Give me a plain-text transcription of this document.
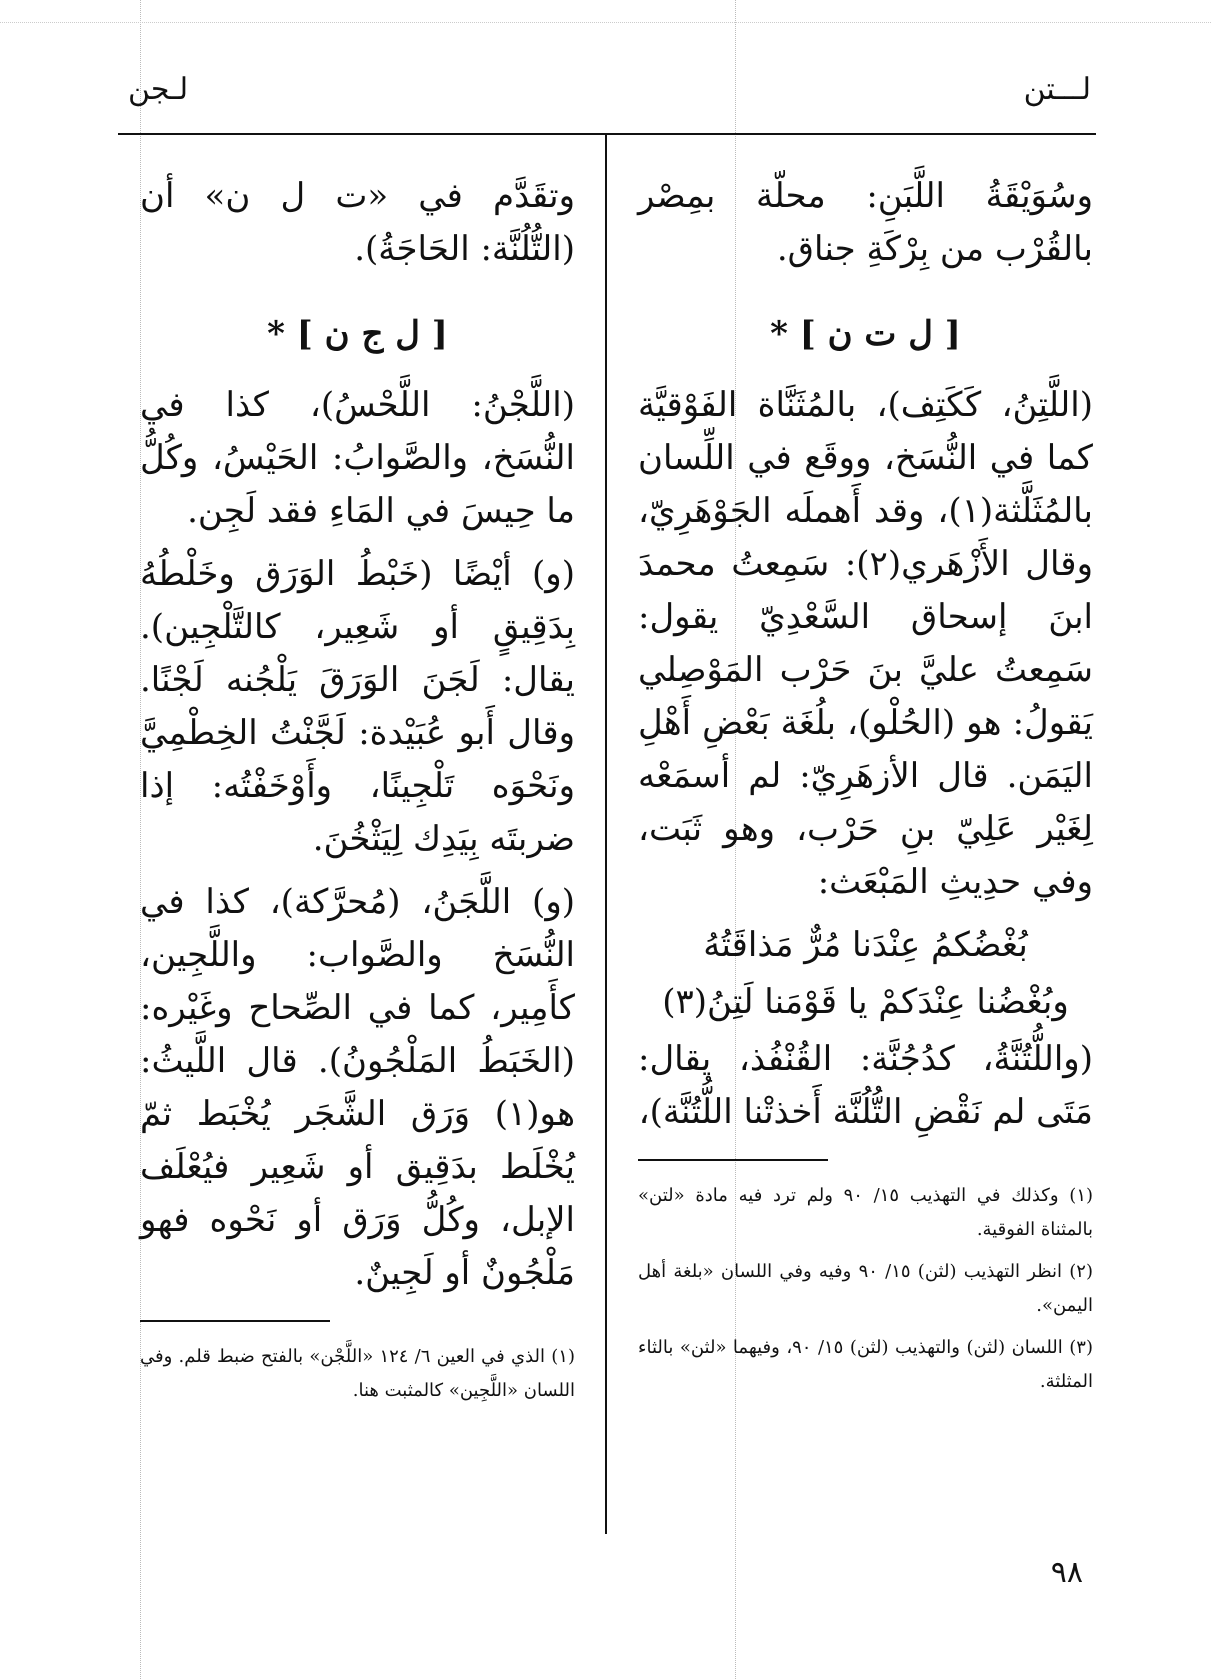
لـــتن
لـجن

وسُوَيْقَةُ اللَّبَنِ: محلّة بمِصْر بالقُرْب من بِرْكَةِ جناق.

[ ل ت ن ] *

(اللَّتِنُ، كَكَتِف)، بالمُثَنَّاة الفَوْقيَّة كما في النُّسَخ، ووقَع في اللِّسان بالمُثَلَّثة(١)، وقد أَهملَه الجَوْهَرِيّ، وقال الأَزْهَري(٢): سَمِعتُ محمدَ ابنَ إسحاق السَّعْدِيّ يقول: سَمِعتُ عليَّ بنَ حَرْب المَوْصِلي يَقولُ: هو (الحُلْو)، بلُغَة بَعْضِ أَهْلِ اليَمَن. قال الأزهَرِيّ: لم أسمَعْه لِغَيْر عَلِيّ بنِ حَرْب، وهو ثَبَت، وفي حدِيثِ المَبْعَث:

بُغْضُكمُ عِنْدَنا مُرٌّ مَذاقَتُهُ
وبُغْضُنا عِنْدَكمْ يا قَوْمَنا لَتِنُ(٣)

(واللُّتُنَّةُ، كدُجُنَّة: القُنْفُذ، يقال: مَتَى لم نَقْضِ التُّلُنَّة أَخذتْنا اللُّتُنَّة)،

(١) وكذلك في التهذيب ١٥/ ٩٠ ولم ترد فيه مادة «لتن» بالمثناة الفوقية.

(٢) انظر التهذيب (لثن) ١٥/ ٩٠ وفيه وفي اللسان «بلغة أهل اليمن».

(٣) اللسان (لثن) والتهذيب (لثن) ١٥/ ٩٠، وفيهما «لثن» بالثاء المثلثة.

وتقَدَّم في «ت ل ن» أن (التُّلُنَّة: الحَاجَةُ).

[ ل ج ن ] *

(اللَّجْنُ: اللَّحْسُ)، كذا في النُّسَخ، والصَّوابُ: الحَيْسُ، وكُلُّ ما حِيسَ في المَاءِ فقد لَجِن.

(و) أيْضًا (خَبْطُ الوَرَق وخَلْطُهُ بِدَقِيقٍ أو شَعِير، كالتَّلْجِين). يقال: لَجَنَ الوَرَقَ يَلْجُنه لَجْنًا. وقال أَبو عُبَيْدة: لَجَّنْتُ الخِطْمِيَّ ونَحْوَه تَلْجِينًا، وأَوْخَفْتُه: إذا ضربتَه بِيَدِك لِيَثْخُنَ.

(و) اللَّجَنُ، (مُحرَّكة)، كذا في النُّسَخ والصَّواب: واللَّجِين، كأَمِير، كما في الصِّحاح وغَيْره: (الخَبَطُ المَلْجُونُ). قال اللَّيثُ: هو(١) وَرَق الشَّجَر يُخْبَط ثمّ يُخْلَط بدَقِيق أو شَعِير فيُعْلَف الإبل، وكُلُّ وَرَق أو نَحْوه فهو مَلْجُونٌ أو لَجِينٌ.

(١) الذي في العين ٦/ ١٢٤ «اللَّجْن» بالفتح ضبط قلم. وفي اللسان «اللَّجِين» كالمثبت هنا.

٩٨
